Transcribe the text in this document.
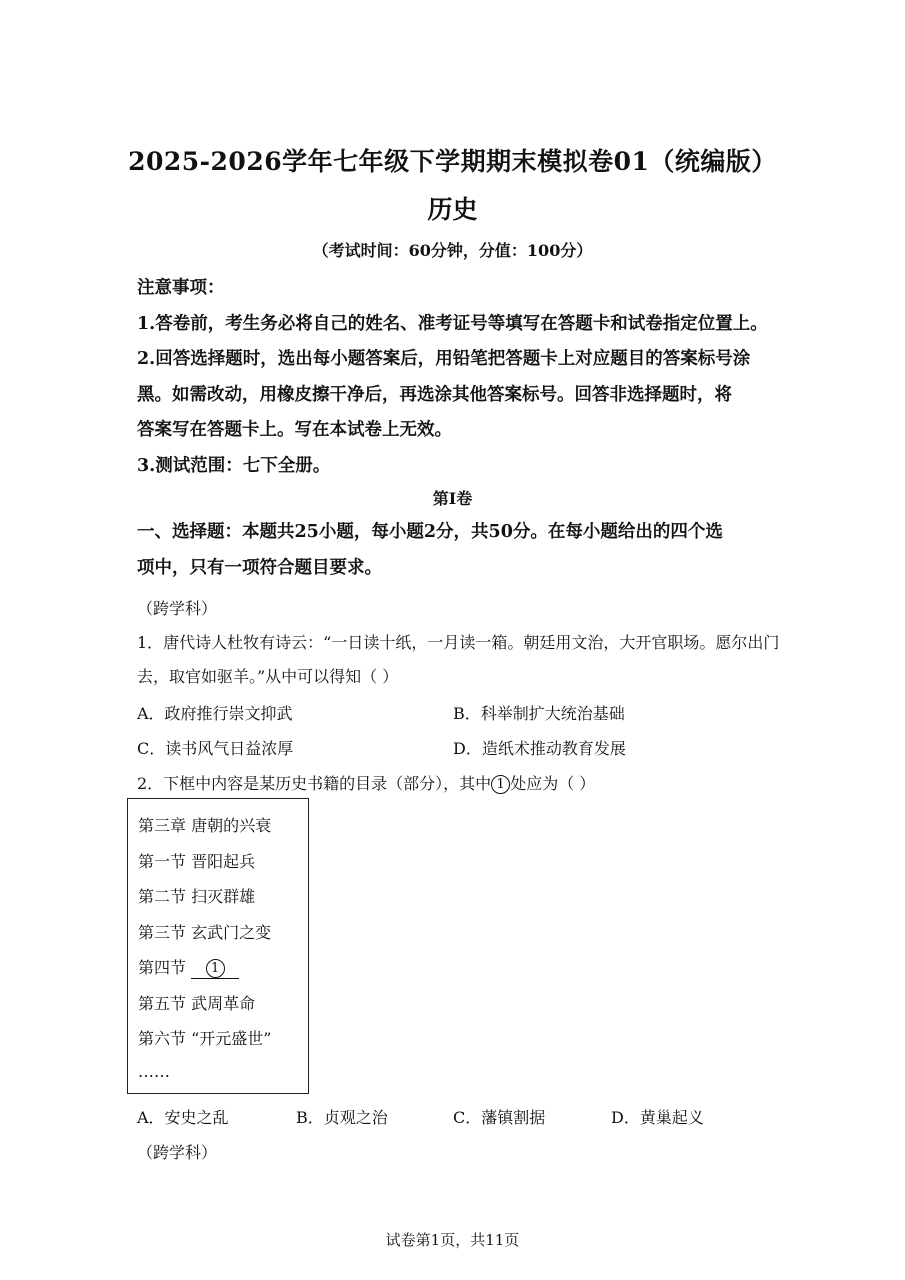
2025-2026学年七年级下学期期末模拟卷01（统编版）
历史
（考试时间：60分钟，分值：100分）
注意事项：
1.答卷前，考生务必将自己的姓名、准考证号等填写在答题卡和试卷指定位置上。
2.回答选择题时，选出每小题答案后，用铅笔把答题卡上对应题目的答案标号涂
黑。如需改动，用橡皮擦干净后，再选涂其他答案标号。回答非选择题时，将
答案写在答题卡上。写在本试卷上无效。
3.测试范围：七下全册。
第I卷
一、选择题：本题共25小题，每小题2分，共50分。在每小题给出的四个选
项中，只有一项符合题目要求。
（跨学科）
1．唐代诗人杜牧有诗云：“一日读十纸，一月读一箱。朝廷用文治，大开官职场。愿尔出门
去，取官如驱羊。”从中可以得知（ ）
A．政府推行崇文抑武	B．科举制扩大统治基础
C．读书风气日益浓厚	D．造纸术推动教育发展
2．下框中内容是某历史书籍的目录（部分），其中 1 处应为（ ）
第三章 唐朝的兴衰
第一节 晋阳起兵
第二节 扫灭群雄
第三节 玄武门之变
第四节 1
第五节 武周革命
第六节 “开元盛世”
……
A．安史之乱	B．贞观之治	C．藩镇割据	D．黄巢起义
（跨学科）
试卷第1页，共11页
